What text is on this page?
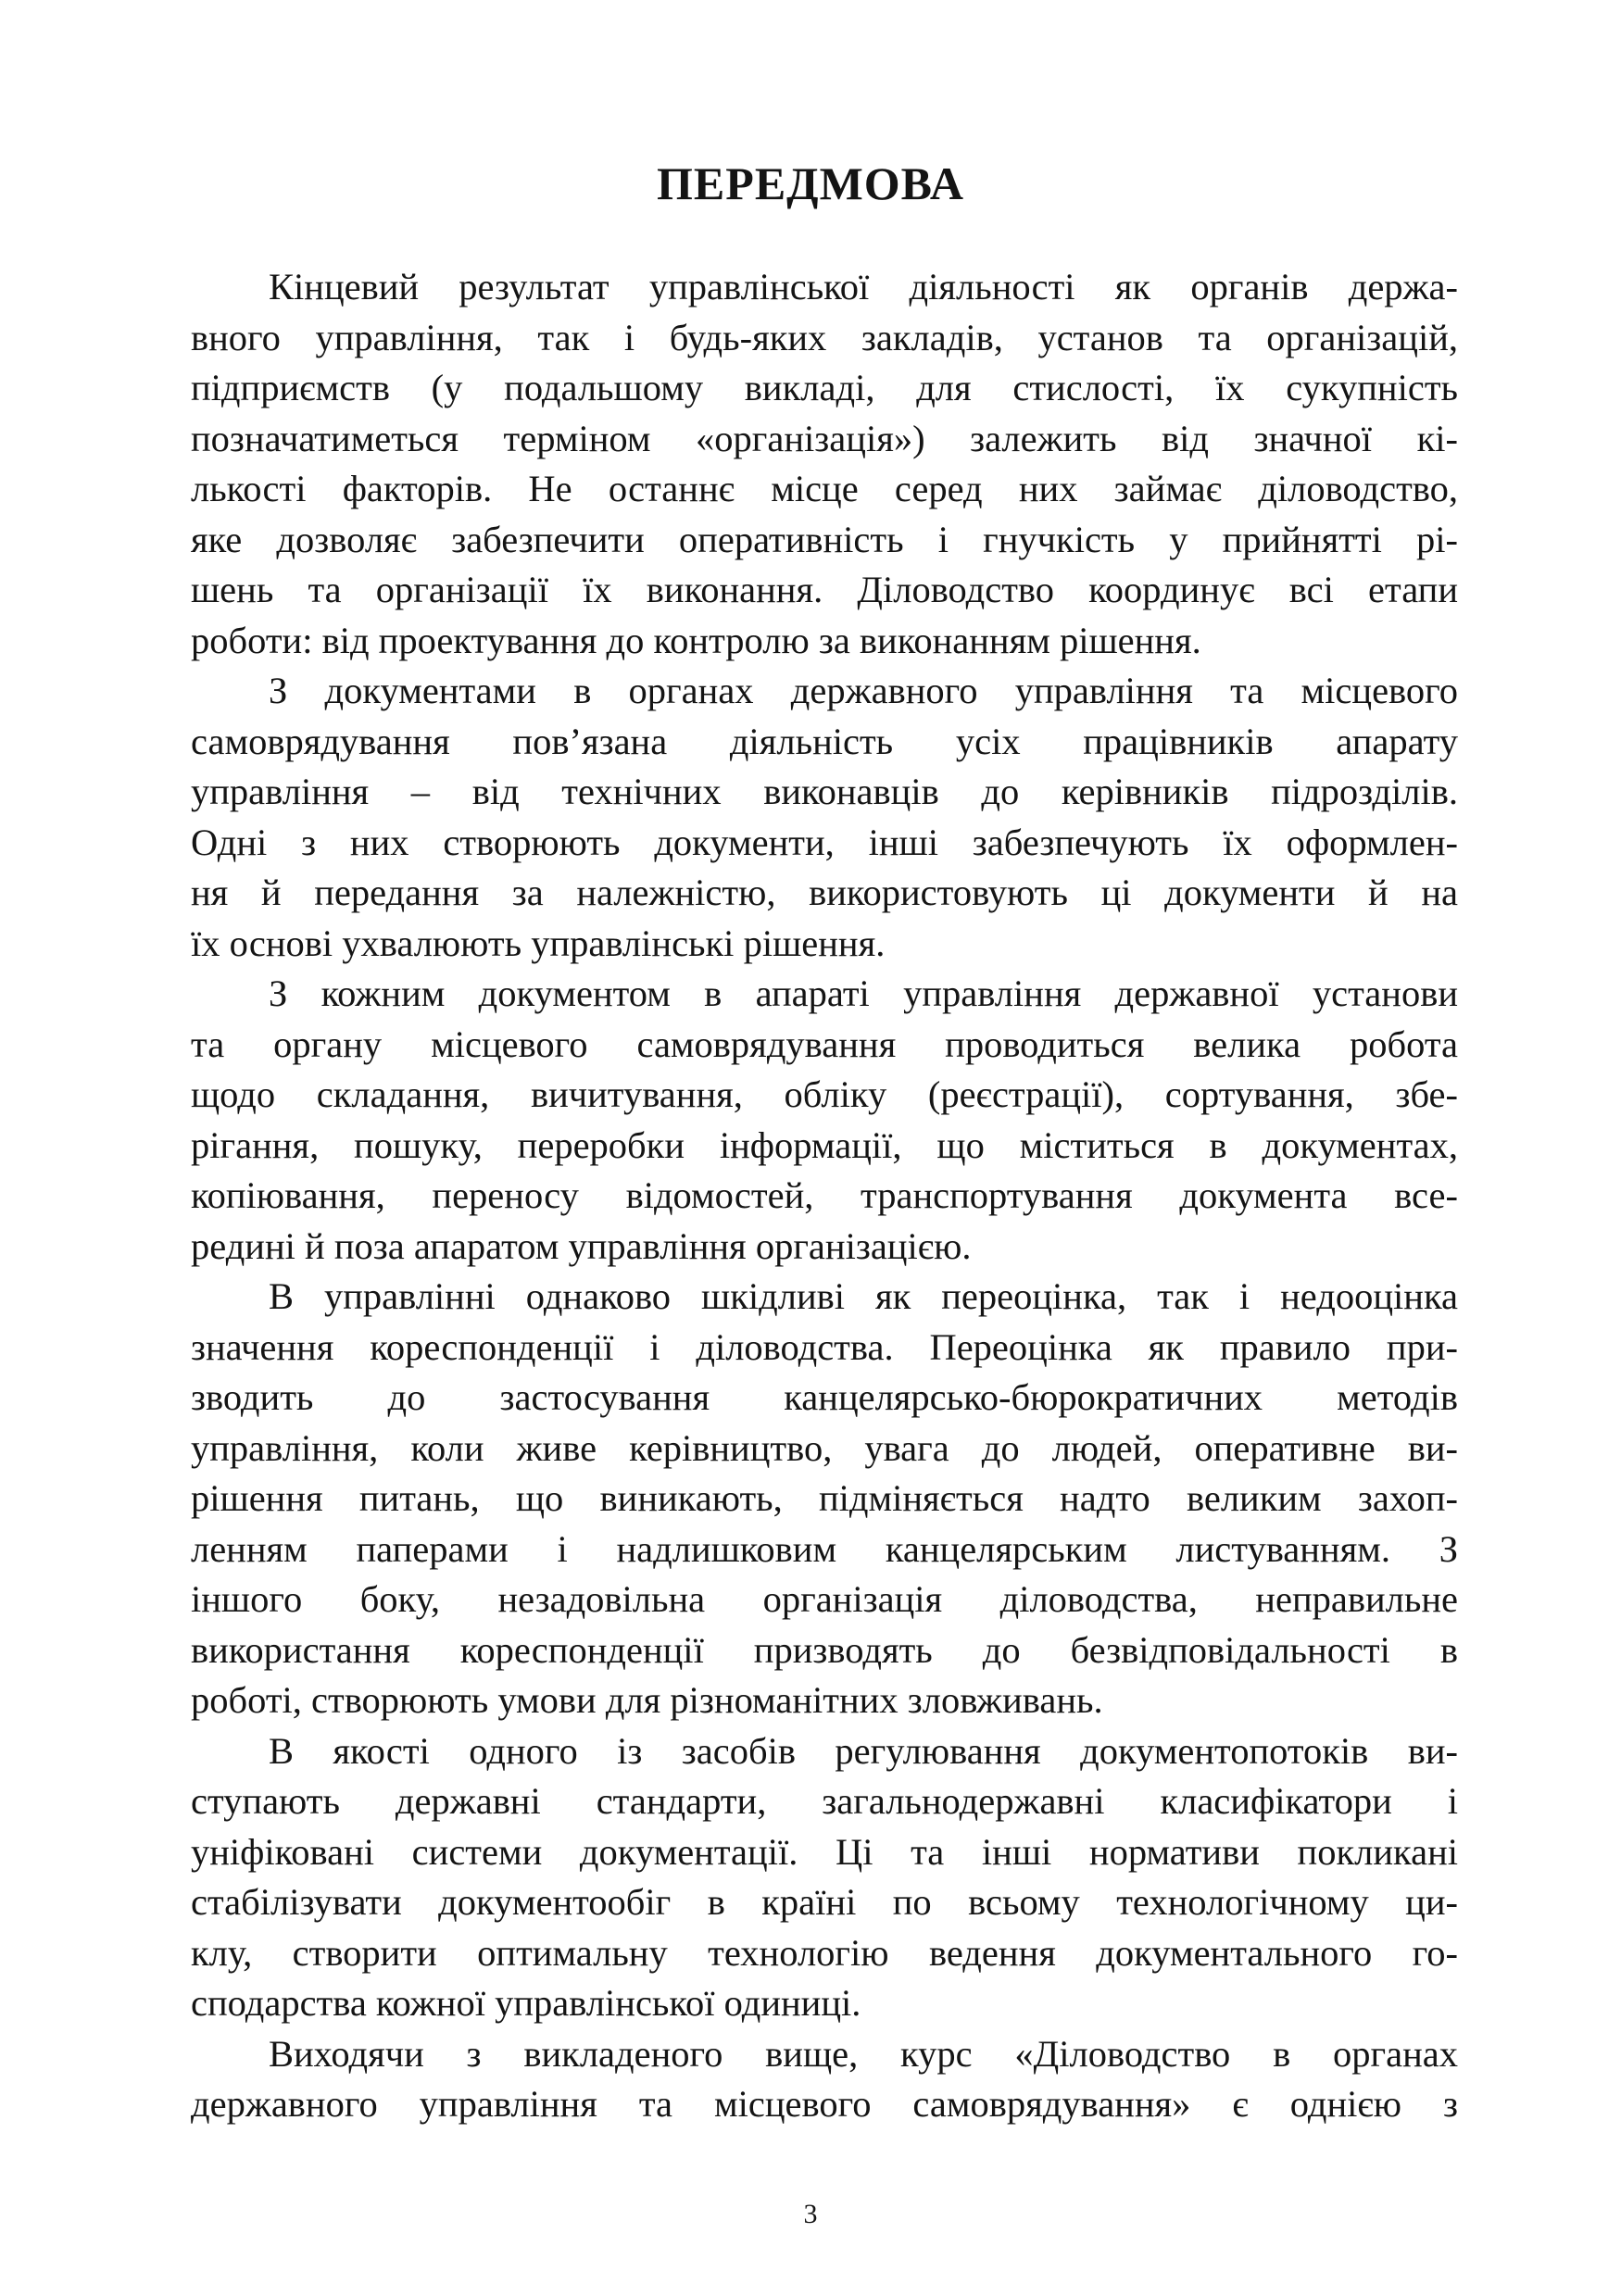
ПЕРЕДМОВА
Кінцевий результат управлінської діяльності як органів держа-
вного управління, так і будь-яких закладів, установ та організацій,
підприємств (у подальшому викладі, для стислості, їх сукупність
позначатиметься терміном «організація») залежить від значної кі-
лькості факторів. Не останнє місце серед них займає діловодство,
яке дозволяє забезпечити оперативність і гнучкість у прийнятті рі-
шень та організації їх виконання. Діловодство координує всі етапи
роботи: від проектування до контролю за виконанням рішення.
З документами в органах державного управління та місцевого
самоврядування пов’язана діяльність усіх працівників апарату
управління – від технічних виконавців до керівників підрозділів.
Одні з них створюють документи, інші забезпечують їх оформлен-
ня й передання за належністю, використовують ці документи й на
їх основі ухвалюють управлінські рішення.
З кожним документом в апараті управління державної установи
та органу місцевого самоврядування проводиться велика робота
щодо складання, вичитування, обліку (реєстрації), сортування, збе-
рігання, пошуку, переробки інформації, що міститься в документах,
копіювання, переносу відомостей, транспортування документа все-
редині й поза апаратом управління організацією.
В управлінні однаково шкідливі як переоцінка, так і недооцінка
значення кореспонденції і діловодства. Переоцінка як правило при-
зводить до застосування канцелярсько-бюрократичних методів
управління, коли живе керівництво, увага до людей, оперативне ви-
рішення питань, що виникають, підміняється надто великим захоп-
ленням паперами і надлишковим канцелярським листуванням. З
іншого боку, незадовільна організація діловодства, неправильне
використання кореспонденції призводять до безвідповідальності в
роботі, створюють умови для різноманітних зловживань.
В якості одного із засобів регулювання документопотоків ви-
ступають державні стандарти, загальнодержавні класифікатори і
уніфіковані системи документації. Ці та інші нормативи покликані
стабілізувати документообіг в країні по всьому технологічному ци-
клу, створити оптимальну технологію ведення документального го-
сподарства кожної управлінської одиниці.
Виходячи з викладеного вище, курс «Діловодство в органах
державного управління та місцевого самоврядування» є однією з
3
